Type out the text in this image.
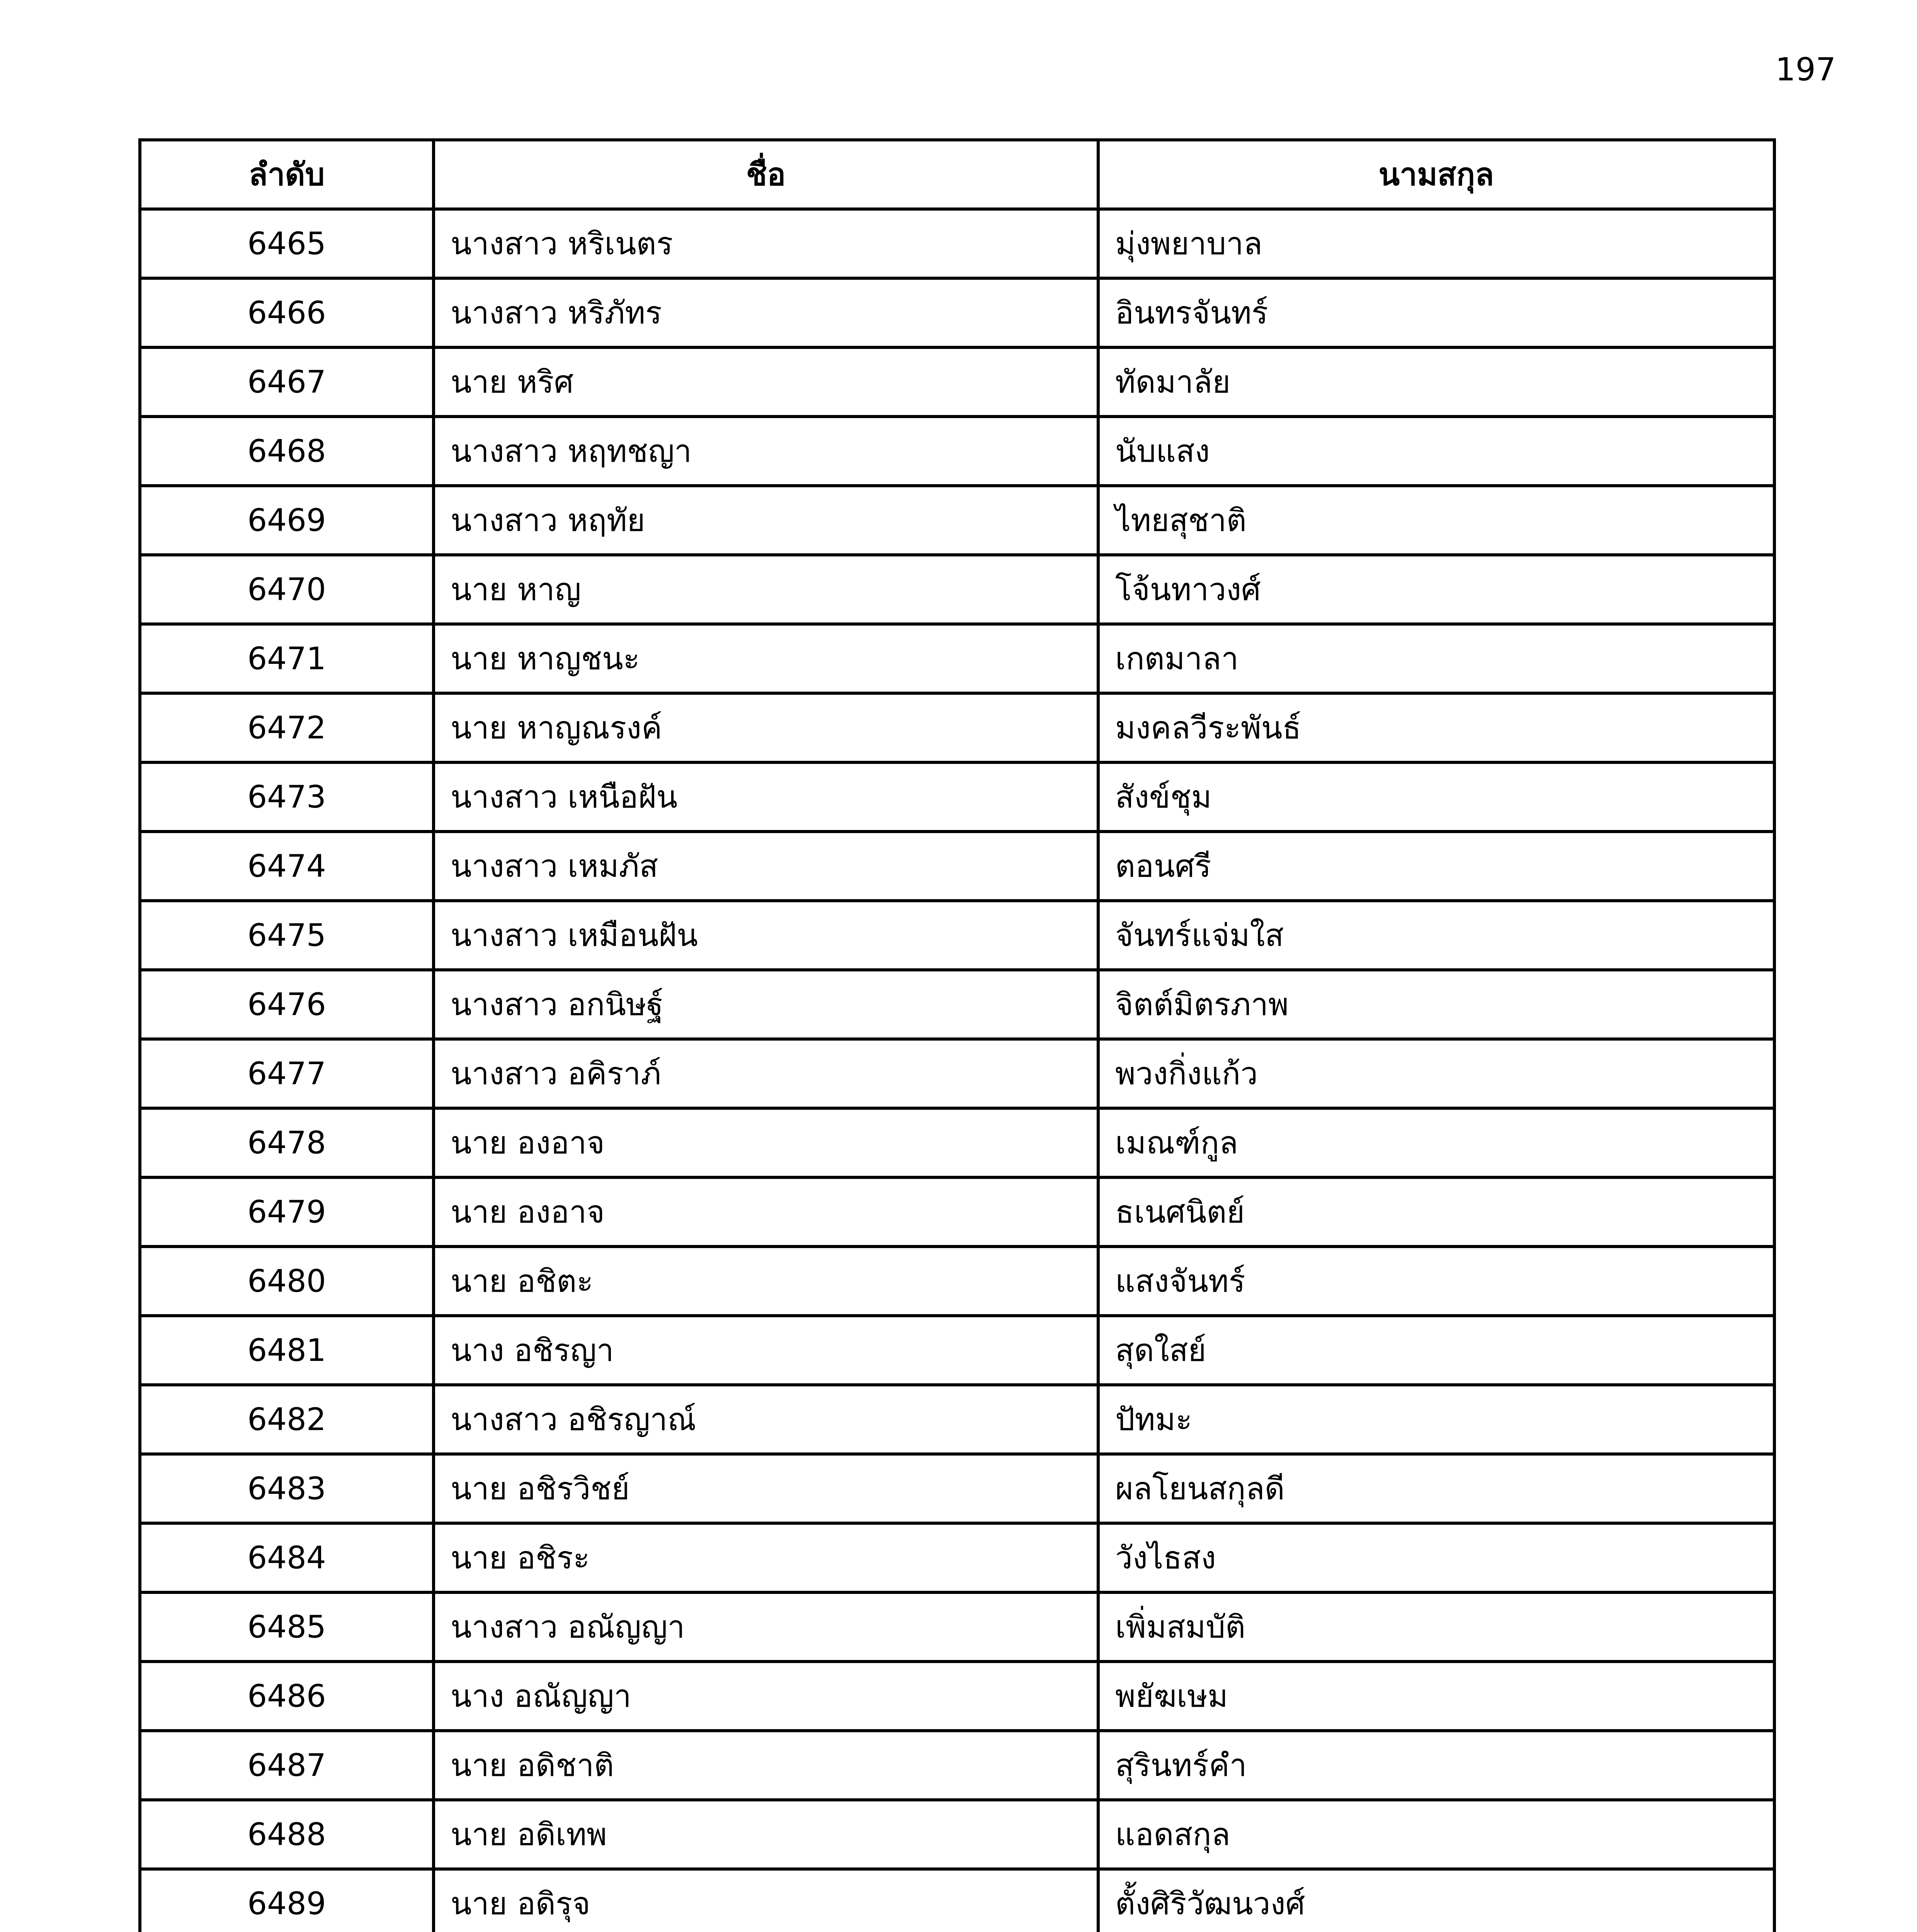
197
ลำดับ	ชื่อ	นามสกุล
6465	นางสาว หริเนตร	มุ่งพยาบาล
6466	นางสาว หริภัทร	อินทรจันทร์
6467	นาย หริศ	ทัดมาลัย
6468	นางสาว หฤทชญา	นับแสง
6469	นางสาว หฤทัย	ไทยสุชาติ
6470	นาย หาญ	โจ้นทาวงศ์
6471	นาย หาญชนะ	เกตมาลา
6472	นาย หาญณรงค์	มงคลวีระพันธ์
6473	นางสาว เหนือฝัน	สังข์ชุม
6474	นางสาว เหมภัส	ตอนศรี
6475	นางสาว เหมือนฝัน	จันทร์แจ่มใส
6476	นางสาว อกนิษฐ์	จิตต์มิตรภาพ
6477	นางสาว อคิราภ์	พวงกิ่งแก้ว
6478	นาย องอาจ	เมณฑ์กูล
6479	นาย องอาจ	ธเนศนิตย์
6480	นาย อชิตะ	แสงจันทร์
6481	นาง อชิรญา	สุดใสย์
6482	นางสาว อชิรญาณ์	ปัทมะ
6483	นาย อชิรวิชย์	ผลโยนสกุลดี
6484	นาย อชิระ	วังไธสง
6485	นางสาว อณัญญา	เพิ่มสมบัติ
6486	นาง อณัญญา	พยัฆเษม
6487	นาย อดิชาติ	สุรินทร์คำ
6488	นาย อดิเทพ	แอดสกุล
6489	นาย อดิรุจ	ตั้งศิริวัฒนวงศ์
